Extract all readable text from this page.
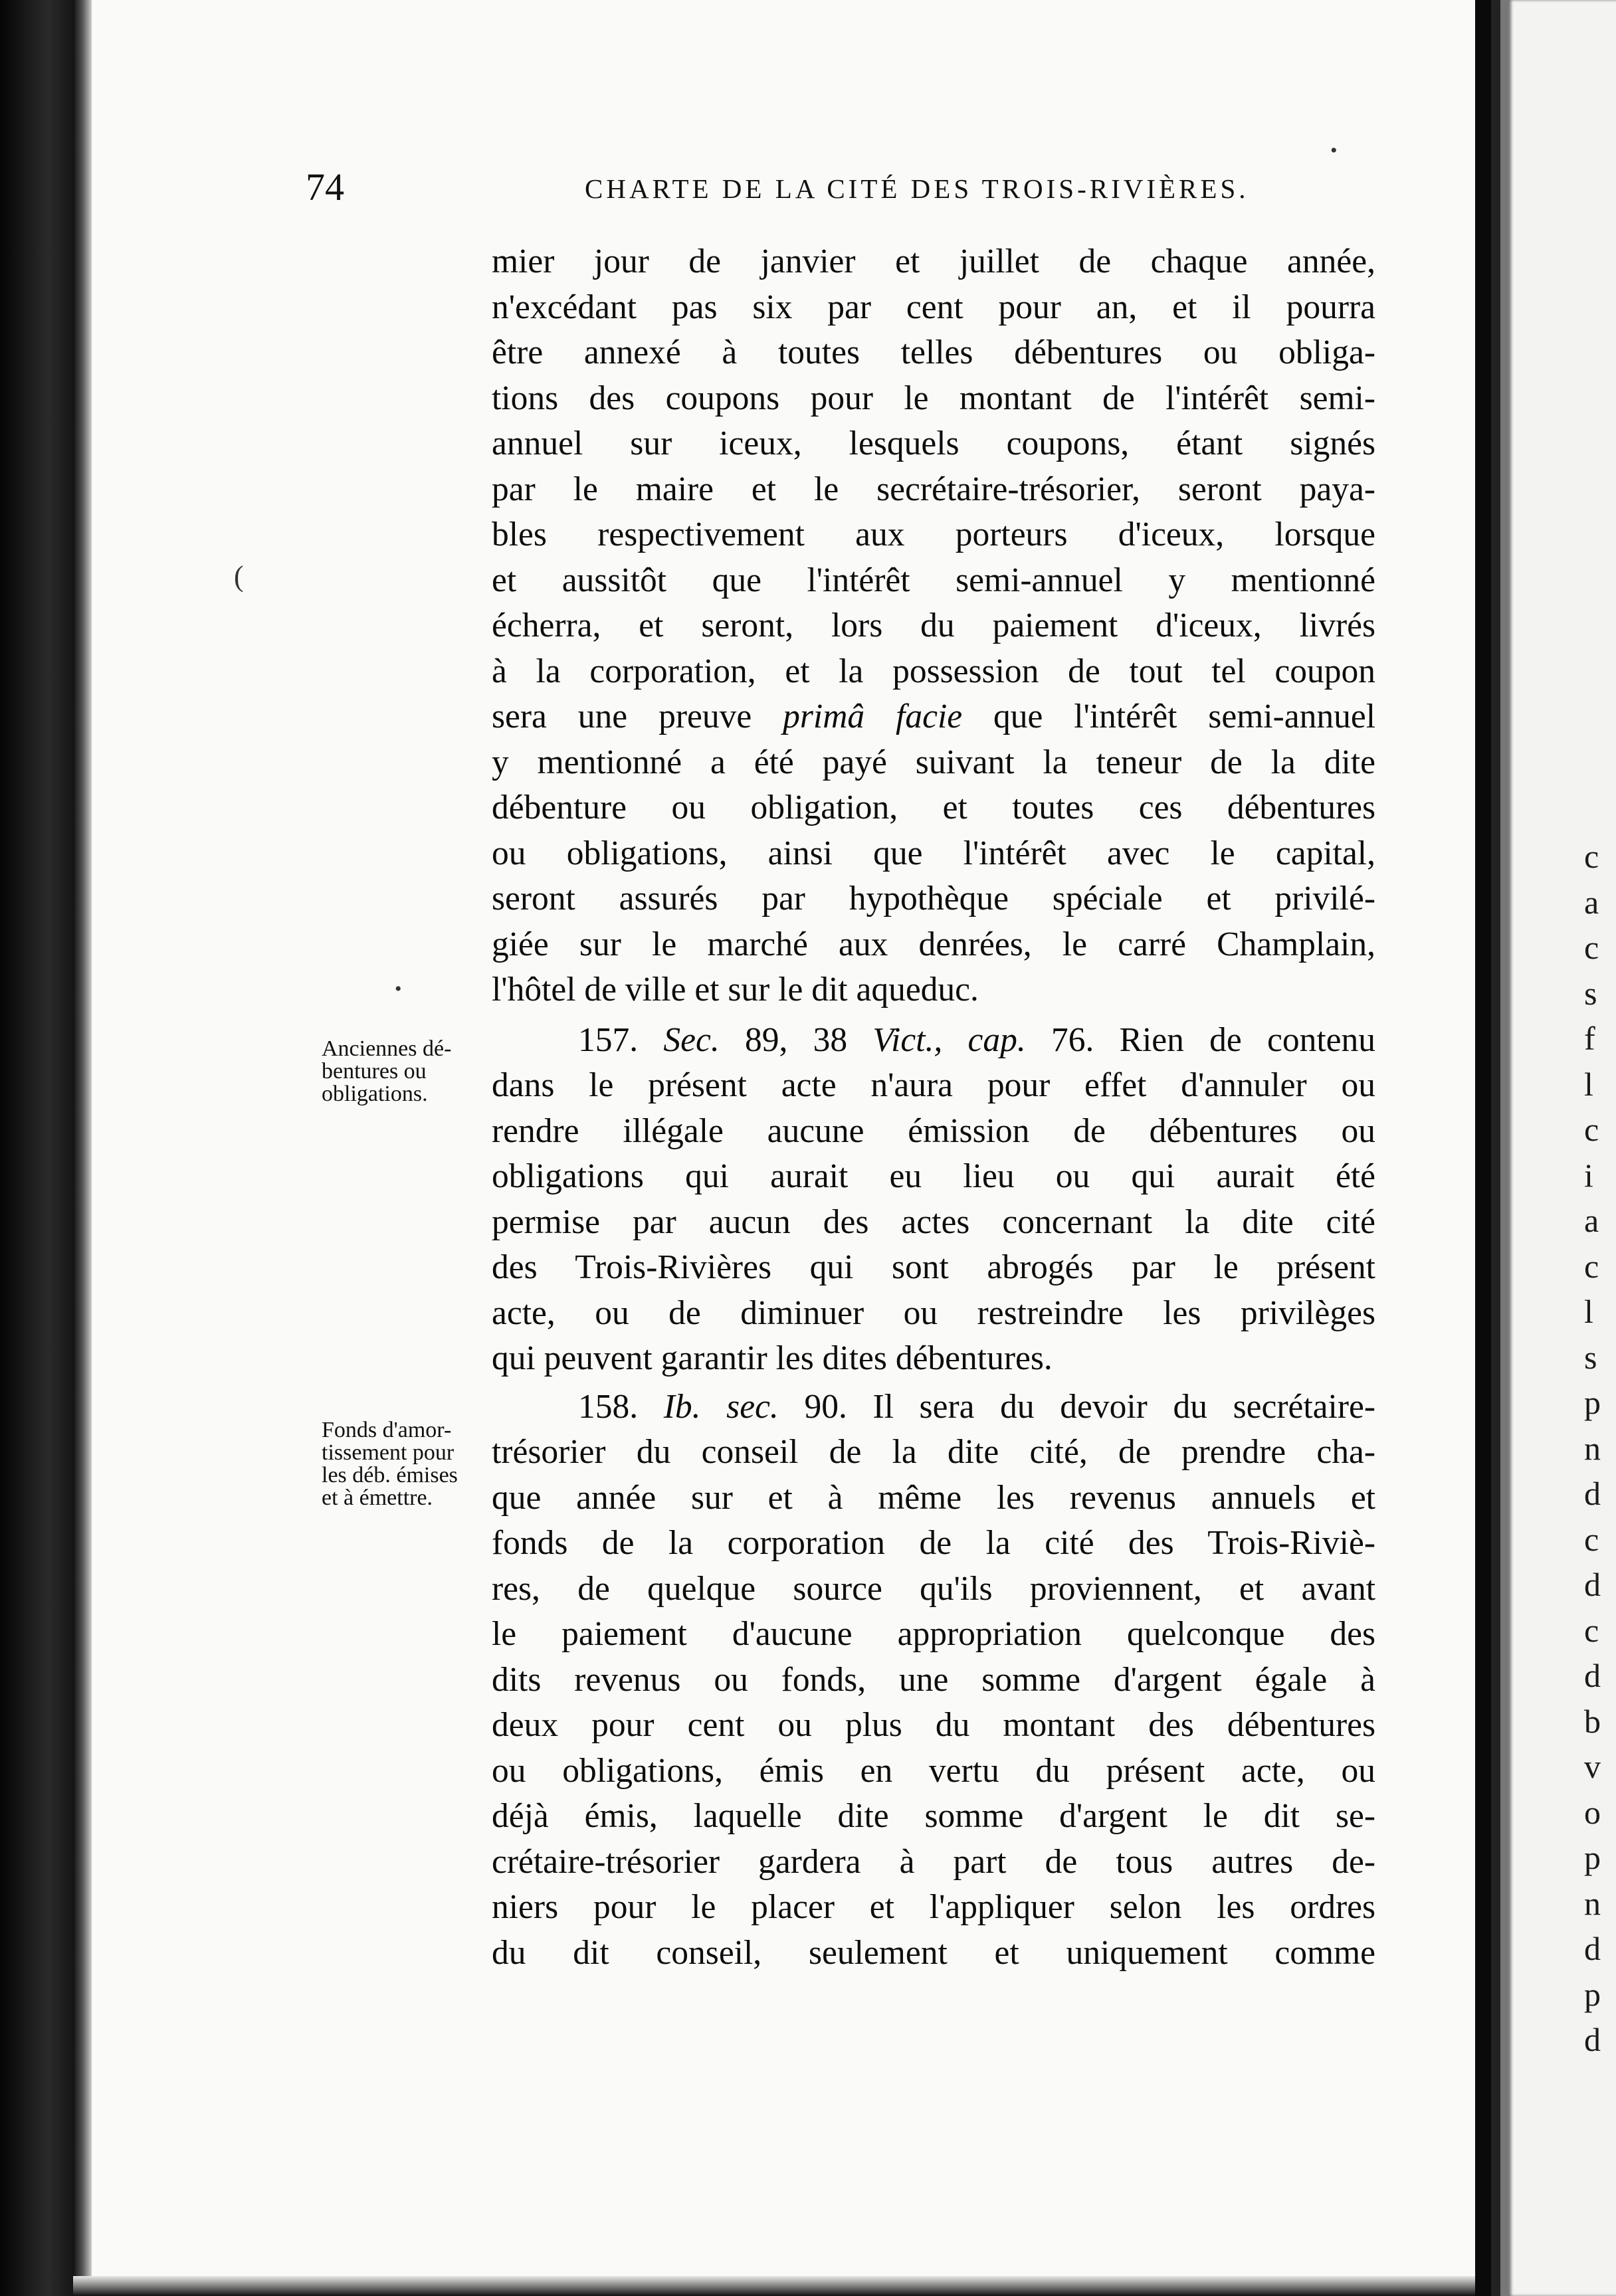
74	CHARTE DE LA CITÉ DES TROIS-RIVIÈRES.
mier jour de janvier et juillet de chaque année,
n'excédant pas six par cent pour an, et il pourra
être annexé à toutes telles débentures ou obliga-
tions des coupons pour le montant de l'intérêt semi-
annuel sur iceux, lesquels coupons, étant signés
par le maire et le secrétaire-trésorier, seront paya-
bles respectivement aux porteurs d'iceux, lorsque
et aussitôt que l'intérêt semi-annuel y mentionné
écherra, et seront, lors du paiement d'iceux, livrés
à la corporation, et la possession de tout tel coupon
sera une preuve primâ facie que l'intérêt semi-annuel
y mentionné a été payé suivant la teneur de la dite
débenture ou obligation, et toutes ces débentures
ou obligations, ainsi que l'intérêt avec le capital,
seront assurés par hypothèque spéciale et privilé-
giée sur le marché aux denrées, le carré Champlain,
l'hôtel de ville et sur le dit aqueduc.
157. Sec. 89, 38 Vict., cap. 76. Rien de contenu
dans le présent acte n'aura pour effet d'annuler ou
rendre illégale aucune émission de débentures ou
obligations qui aurait eu lieu ou qui aurait été
permise par aucun des actes concernant la dite cité
des Trois-Rivières qui sont abrogés par le présent
acte, ou de diminuer ou restreindre les privilèges
qui peuvent garantir les dites débentures.
158. Ib. sec. 90. Il sera du devoir du secrétaire-
trésorier du conseil de la dite cité, de prendre cha-
que année sur et à même les revenus annuels et
fonds de la corporation de la cité des Trois-Riviè-
res, de quelque source qu'ils proviennent, et avant
le paiement d'aucune appropriation quelconque des
dits revenus ou fonds, une somme d'argent égale à
deux pour cent ou plus du montant des débentures
ou obligations, émis en vertu du présent acte, ou
déjà émis, laquelle dite somme d'argent le dit se-
crétaire-trésorier gardera à part de tous autres de-
niers pour le placer et l'appliquer selon les ordres
du dit conseil, seulement et uniquement comme
Anciennes dé-
bentures ou
obligations.
Fonds d'amor-
tissement pour
les déb. émises
et à émettre.
(
•
•
c
a
c
s
f
l
c
i
a
c
l
s
p
n
d
c
d
c
d
b
v
o
p
n
d
p
d
